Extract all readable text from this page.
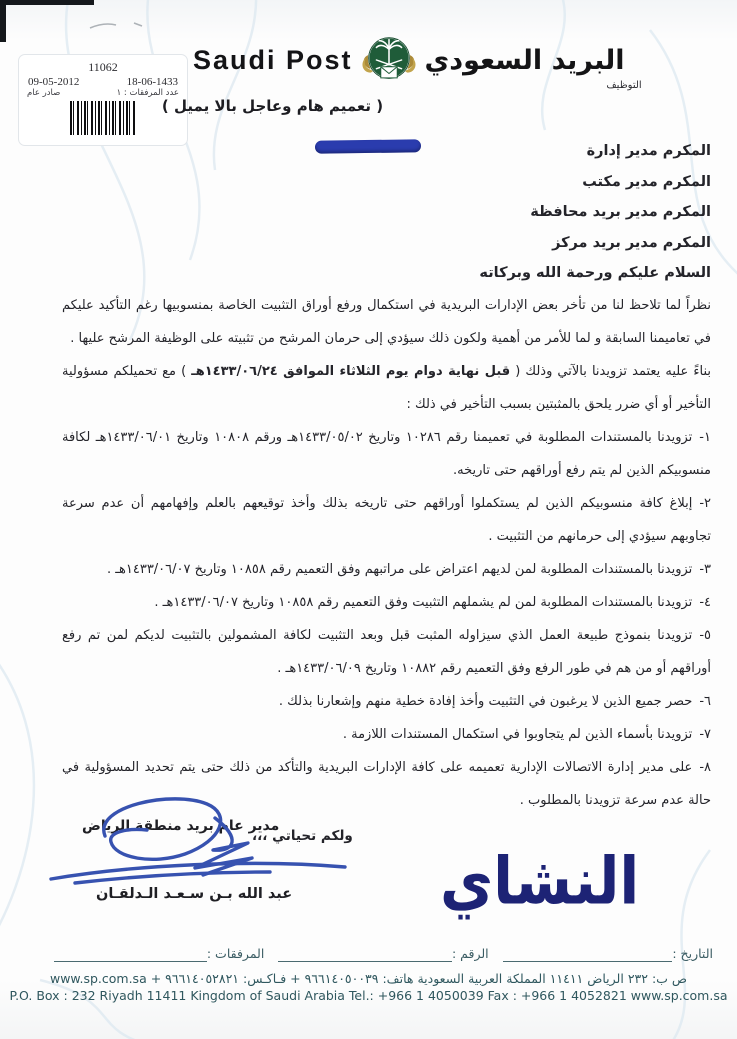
11062
09-05-2012	18-06-1433
صادر عام	عدد المرفقات : ١
Saudi Post	البريد السعودي
التوظيف
( تعميم هام وعاجل بالا يميل )
المكرم مدير إدارة
المكرم مدير مكتب
المكرم مدير بريد محافظة
المكرم مدير بريد مركز
السلام عليكم ورحمة الله وبركاته

نظراً لما تلاحظ لنا من تأخر بعض الإدارات البريدية في استكمال ورفع أوراق التثبيت الخاصة بمنسوبيها رغم التأكيد عليكم في تعاميمنا السابقة و لما للأمر من أهمية ولكون ذلك سيؤدي إلى حرمان المرشح من تثبيته على الوظيفة المرشح عليها .

بناءً عليه يعتمد تزويدنا بالآتي وذلك ( قبل نهاية دوام يوم الثلاثاء الموافق ١٤٣٣/٠٦/٢٤هـ ) مع تحميلكم مسؤولية التأخير أو أي ضرر يلحق بالمثبتين بسبب التأخير في ذلك :

١-تزويدنا بالمستندات المطلوبة في تعميمنا رقم ١٠٢٨٦ وتاريخ ١٤٣٣/٠٥/٠٢هـ ورقم ١٠٨٠٨ وتاريخ ١٤٣٣/٠٦/٠١هـ لكافة منسوبيكم الذين لم يتم رفع أوراقهم حتى تاريخه.
٢-إبلاغ كافة منسوبيكم الذين لم يستكملوا أوراقهم حتى تاريخه بذلك وأخذ توقيعهم بالعلم وإفهامهم أن عدم سرعة تجاوبهم سيؤدي إلى حرمانهم من التثبيت .
٣-تزويدنا بالمستندات المطلوبة لمن لديهم اعتراض على مراتبهم وفق التعميم رقم ١٠٨٥٨ وتاريخ ١٤٣٣/٠٦/٠٧هـ .
٤-تزويدنا بالمستندات المطلوبة لمن لم يشملهم التثبيت وفق التعميم رقم ١٠٨٥٨ وتاريخ ١٤٣٣/٠٦/٠٧هـ .
٥-تزويدنا بنموذج طبيعة العمل الذي سيزاوله المثبت قبل وبعد التثبيت لكافة المشمولين بالتثبيت لديكم لمن تم رفع أوراقهم أو من هم في طور الرفع وفق التعميم رقم ١٠٨٨٢ وتاريخ ١٤٣٣/٠٦/٠٩هـ .
٦-حصر جميع الذين لا يرغبون في التثبيت وأخذ إفادة خطية منهم وإشعارنا بذلك .
٧-تزويدنا بأسماء الذين لم يتجاوبوا في استكمال المستندات اللازمة .
٨-على مدير إدارة الاتصالات الإدارية تعميمه على كافة الإدارات البريدية والتأكد من ذلك حتى يتم تحديد المسؤولية في حالة عدم سرعة تزويدنا بالمطلوب .
ولكم تحياتي ،،،
مدير عام بريد منطقة الرياض
عبد الله بـن سـعـد الـدلقـان	النشاي
التاريخ :
الرقم :
المرفقات :
ص ب: ٢٣٢ الرياض ١١٤١١ المملكة العربية السعودية هاتف: ٩٦٦١٤٠٥٠٠٣٩ + فـاكـس: ٩٦٦١٤٠٥٢٨٢١ + www.sp.com.sa
P.O. Box : 232 Riyadh 11411 Kingdom of Saudi Arabia Tel.: +966 1 4050039 Fax : +966 1 4052821 www.sp.com.sa
